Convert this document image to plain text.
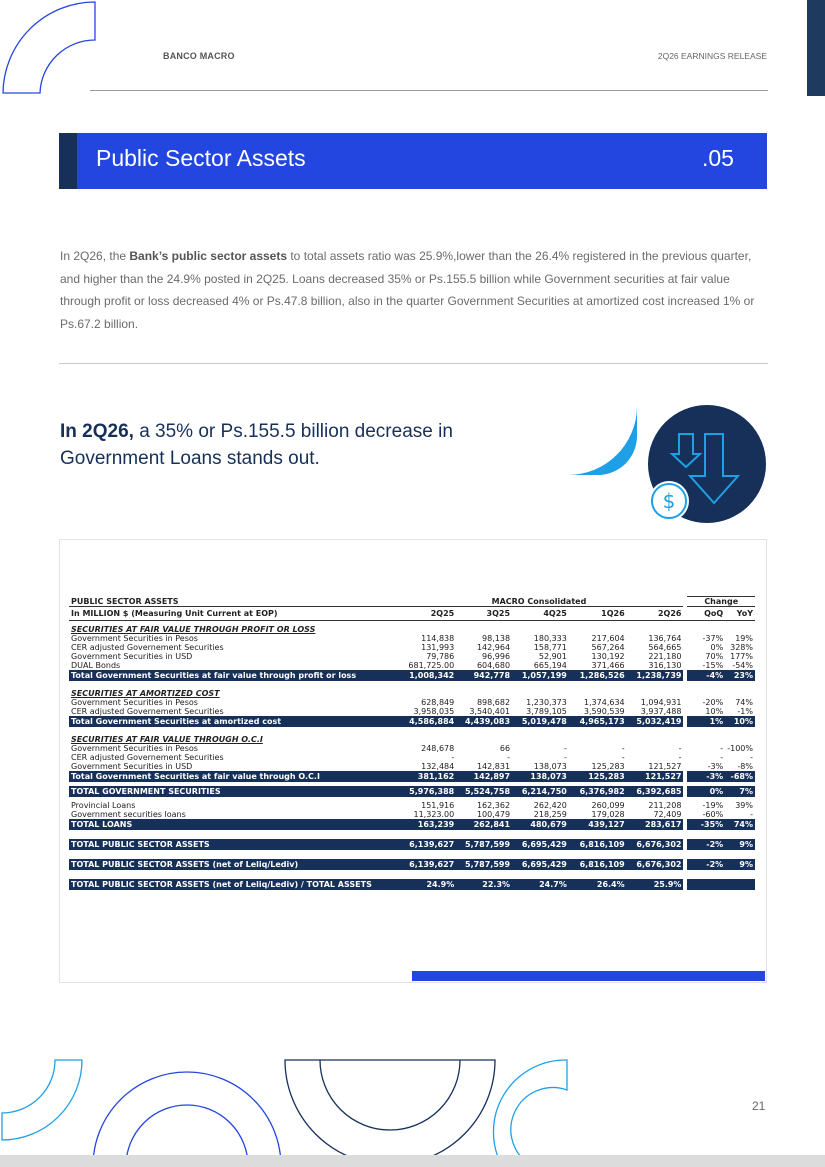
BANCO MACRO	2Q26 EARNINGS RELEASE
Public Sector Assets	.05
In 2Q26, the Bank’s public sector assets to total assets ratio was 25.9%,lower than the 26.4% registered in the previous quarter, and higher than the 24.9% posted in 2Q25. Loans decreased 35% or Ps.155.5 billion while Government securities at fair value through profit or loss decreased 4% or Ps.47.8 billion, also in the quarter Government Securities at amortized cost increased 1% or Ps.67.2 billion.
In 2Q26, a 35% or Ps.155.5 billion decrease in Government Loans stands out.
$
PUBLIC SECTOR ASSETS	MACRO Consolidated						Change	
In MILLION $ (Measuring Unit Current at EOP)	2Q25	3Q25	4Q25	1Q26	2Q26		QoQ	YoY
SECURITIES AT FAIR VALUE THROUGH PROFIT OR LOSS								
Government Securities in Pesos	114,838	98,138	180,333	217,604	136,764		-37%	19%
CER adjusted Governement Securities	131,993	142,964	158,771	567,264	564,665		0%	328%
Government Securities in USD	79,786	96,996	52,901	130,192	221,180		70%	177%
DUAL Bonds	681,725.00	604,680	665,194	371,466	316,130		-15%	-54%
Total Government Securities at fair value through profit or loss	1,008,342	942,778	1,057,199	1,286,526	1,238,739		-4%	23%

SECURITIES AT AMORTIZED COST								
Government Securities in Pesos	628,849	898,682	1,230,373	1,374,634	1,094,931		-20%	74%
CER adjusted Governement Securities	3,958,035	3,540,401	3,789,105	3,590,539	3,937,488		10%	-1%
Total Government Securities at amortized cost	4,586,884	4,439,083	5,019,478	4,965,173	5,032,419		1%	10%

SECURITIES AT FAIR VALUE THROUGH O.C.I								
Government Securities in Pesos	248,678	66	-	-	-		-	-100%
CER adjusted Governement Securities	-	-	-	-	-		-	-
Government Securities in USD	132,484	142,831	138,073	125,283	121,527		-3%	-8%
Total Government Securities at fair value through O.C.I	381,162	142,897	138,073	125,283	121,527		-3%	-68%

TOTAL GOVERNMENT SECURITIES	5,976,388	5,524,758	6,214,750	6,376,982	6,392,685		0%	7%

Provincial Loans	151,916	162,362	262,420	260,099	211,208		-19%	39%
Government securities loans	11,323.00	100,479	218,259	179,028	72,409		-60%	-
TOTAL LOANS	163,239	262,841	480,679	439,127	283,617		-35%	74%

TOTAL PUBLIC SECTOR ASSETS	6,139,627	5,787,599	6,695,429	6,816,109	6,676,302		-2%	9%

TOTAL PUBLIC SECTOR ASSETS (net of Leliq/Lediv)	6,139,627	5,787,599	6,695,429	6,816,109	6,676,302		-2%	9%

TOTAL PUBLIC SECTOR ASSETS (net of Leliq/Lediv) / TOTAL ASSETS	24.9%	22.3%	24.7%	26.4%	25.9%			
21
